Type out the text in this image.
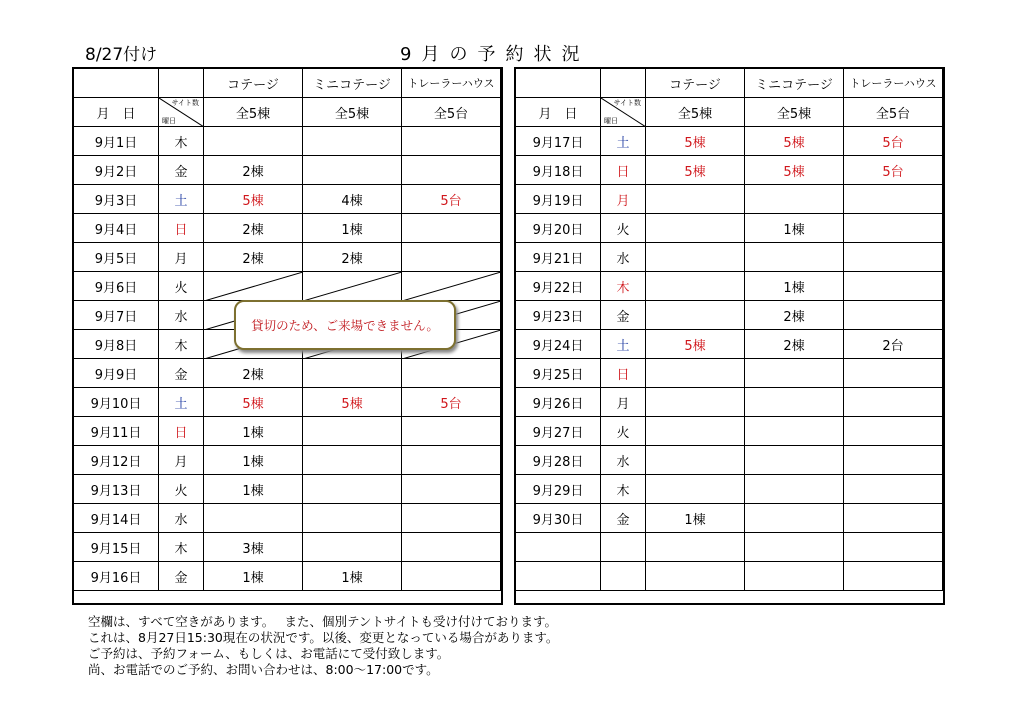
8/27付け	9月の予約状況
		コテージ	ミニコテージ	トレーラーハウス
月　日	サイト数
曜日	全5棟	全5棟	全5台
9月1日	木			
9月2日	金	2棟		
9月3日	土	5棟	4棟	5台
9月4日	日	2棟	1棟	
9月5日	月	2棟	2棟	
9月6日	火	

9月7日	水	

9月8日	木	

9月9日	金	2棟		
9月10日	土	5棟	5棟	5台
9月11日	日	1棟		
9月12日	月	1棟		
9月13日	火	1棟		
9月14日	水			
9月15日	木	3棟		
9月16日	金	1棟	1棟	
		コテージ	ミニコテージ	トレーラーハウス
月　日	サイト数
曜日	全5棟	全5棟	全5台
9月17日	土	5棟	5棟	5台
9月18日	日	5棟	5棟	5台
9月19日	月			
9月20日	火		1棟	
9月21日	水			
9月22日	木		1棟	
9月23日	金		2棟	
9月24日	土	5棟	2棟	2台
9月25日	日			
9月26日	月			
9月27日	火			
9月28日	水			
9月29日	木			
9月30日	金	1棟		

貸切のため、ご来場できません。
空欄は、すべて空きがあります。　 また、個別テントサイトも受け付けております。
これは、8月27日15:30現在の状況です。以後、変更となっている場合があります。
ご予約は、予約フォーム、もしくは、お電話にて受付致します。
尚、お電話でのご予約、お問い合わせは、8:00～17:00です。
